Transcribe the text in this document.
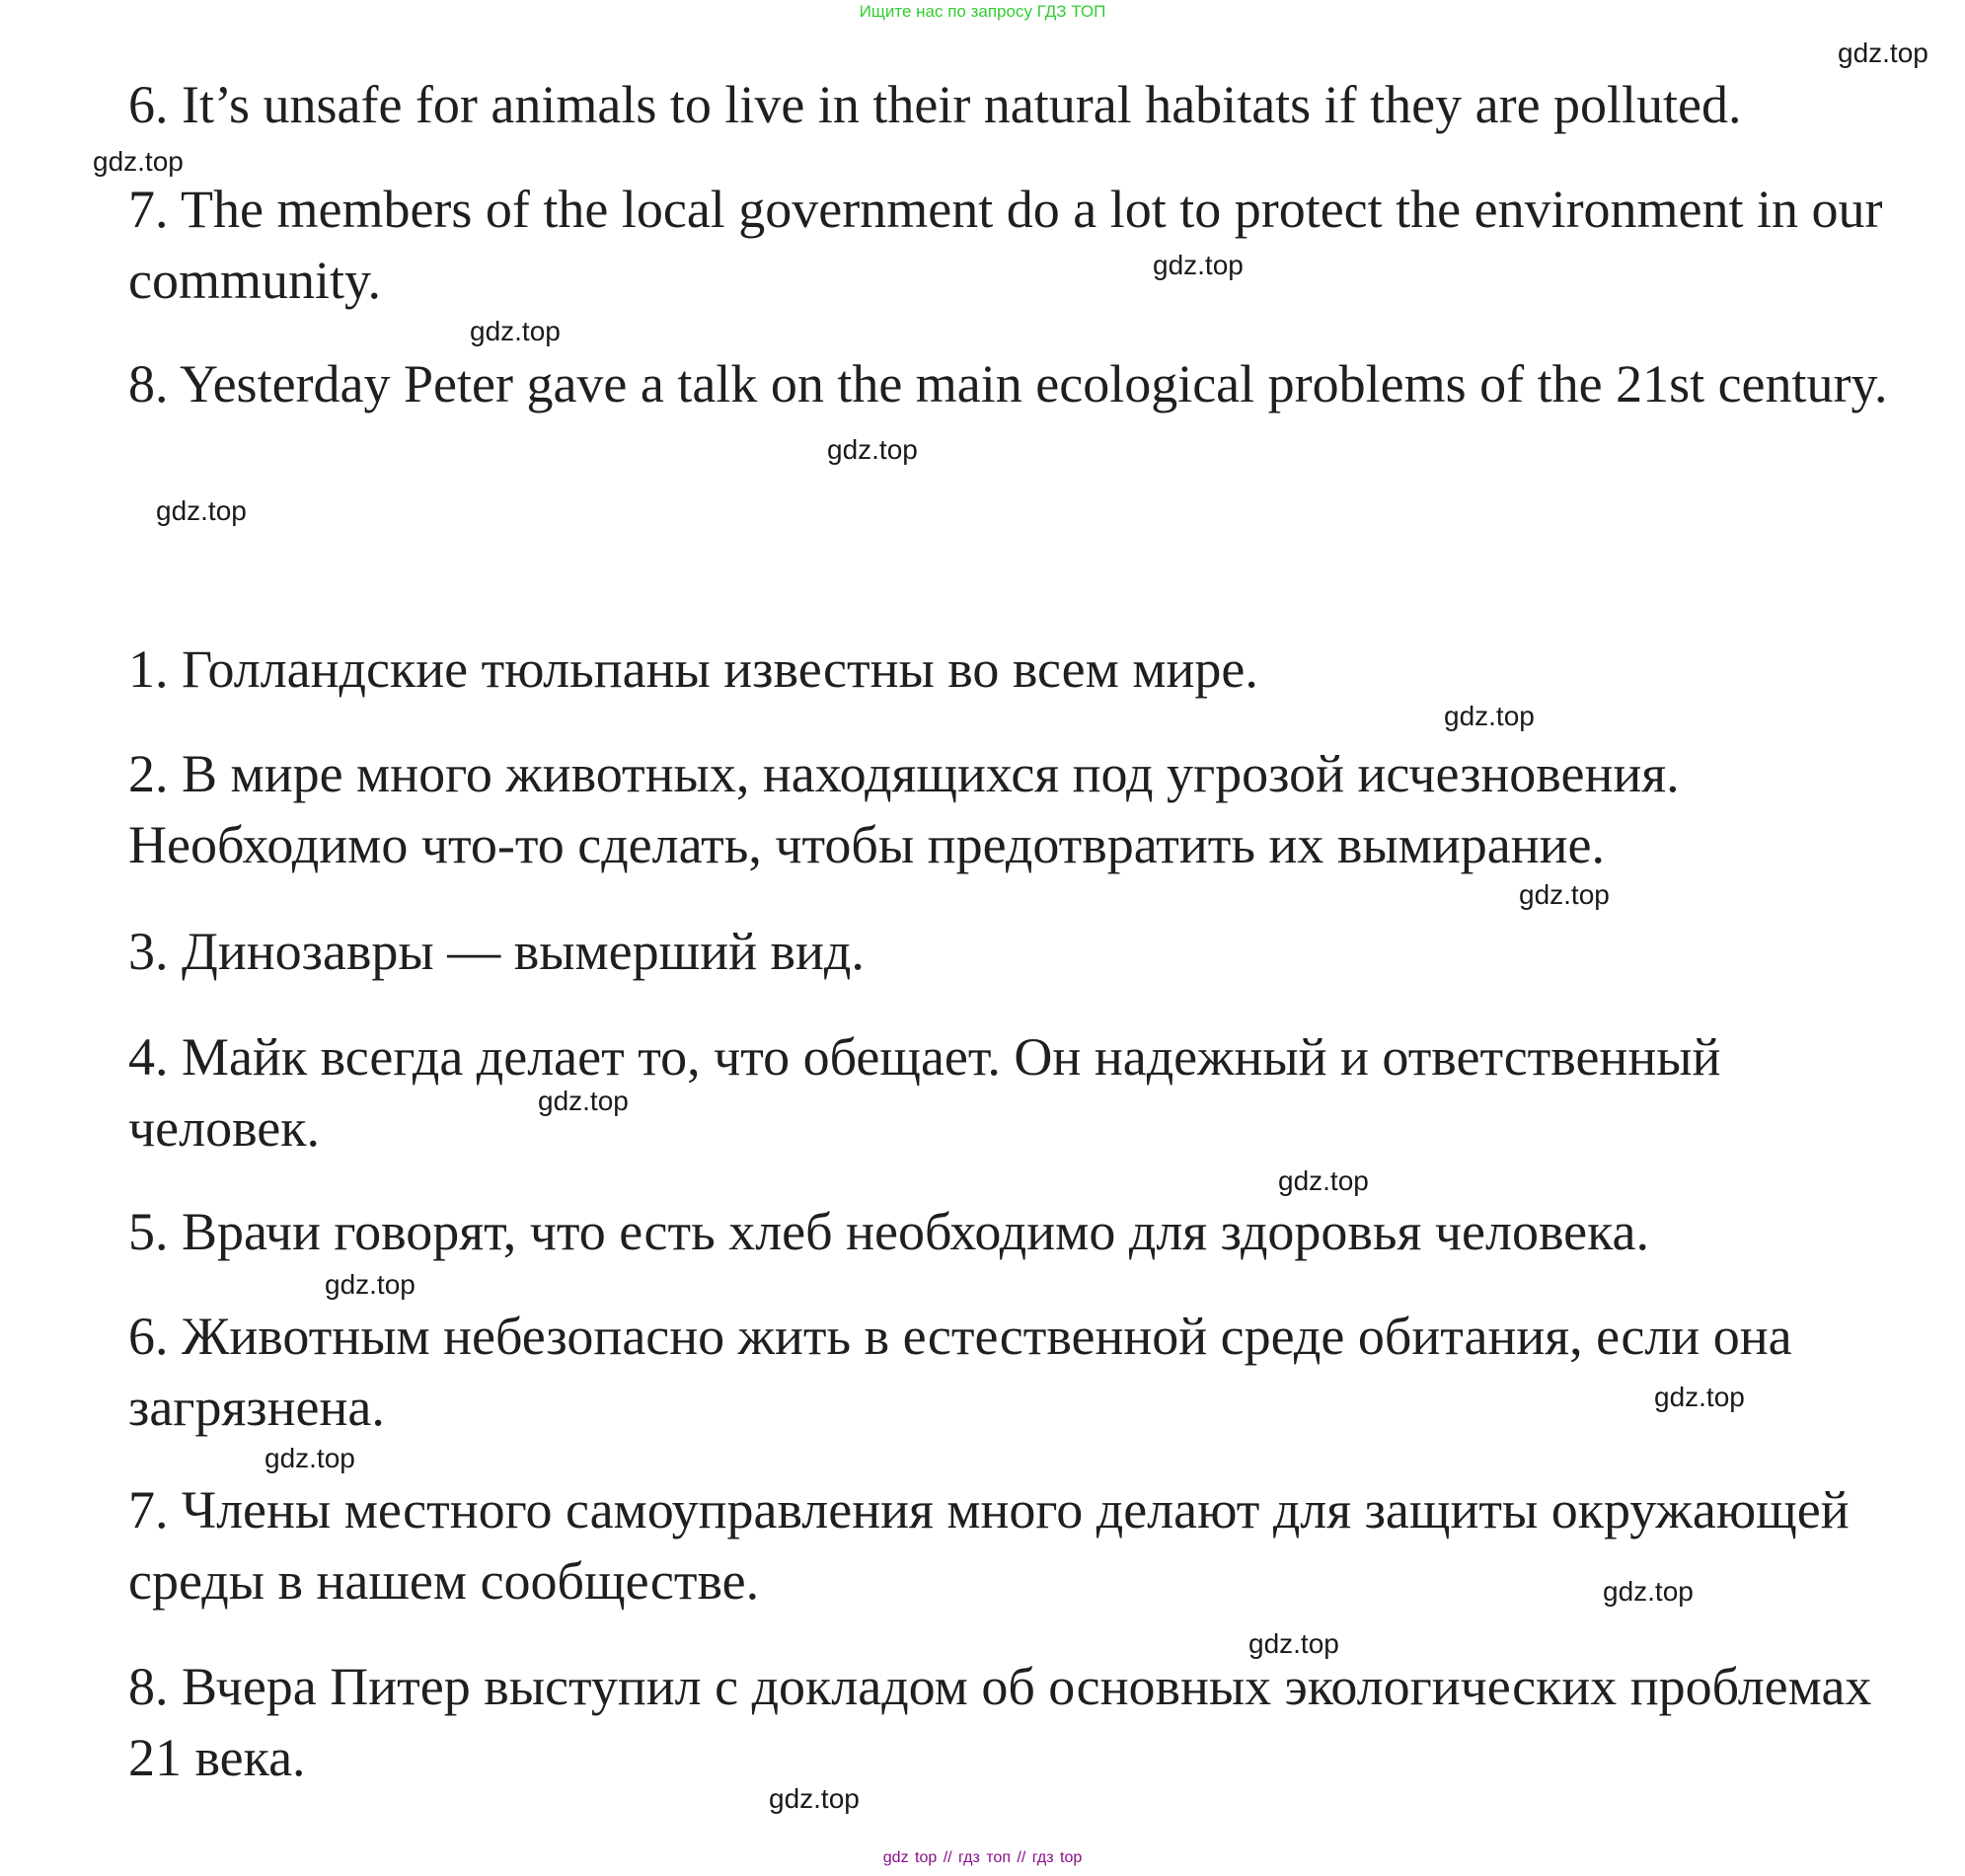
Ищите нас по запросу ГДЗ ТОП

6. It’s unsafe for animals to live in their natural habitats if they are polluted.

7. The members of the local government do a lot to protect the environment in our community.

8. Yesterday Peter gave a talk on the main ecological problems of the 21st century.

1. Голландские тюльпаны известны во всем мире.

2. В мире много животных, находящихся под угрозой исчезновения. Необходимо что-то сделать, чтобы предотвратить их вымирание.

3. Динозавры — вымерший вид.

4. Майк всегда делает то, что обещает. Он надежный и ответственный человек.

5. Врачи говорят, что есть хлеб необходимо для здоровья человека.

6. Животным небезопасно жить в естественной среде обитания, если она загрязнена.

7. Члены местного самоуправления много делают для защиты окружающей среды в нашем сообществе.

8. Вчера Питер выступил с докладом об основных экологических проблемах 21 века.

gdz.top
gdz.top
gdz.top
gdz.top
gdz.top
gdz.top
gdz.top
gdz.top
gdz.top
gdz.top
gdz.top
gdz.top
gdz.top
gdz.top
gdz.top
gdz.top
gdz top // гдз топ // гдз top
